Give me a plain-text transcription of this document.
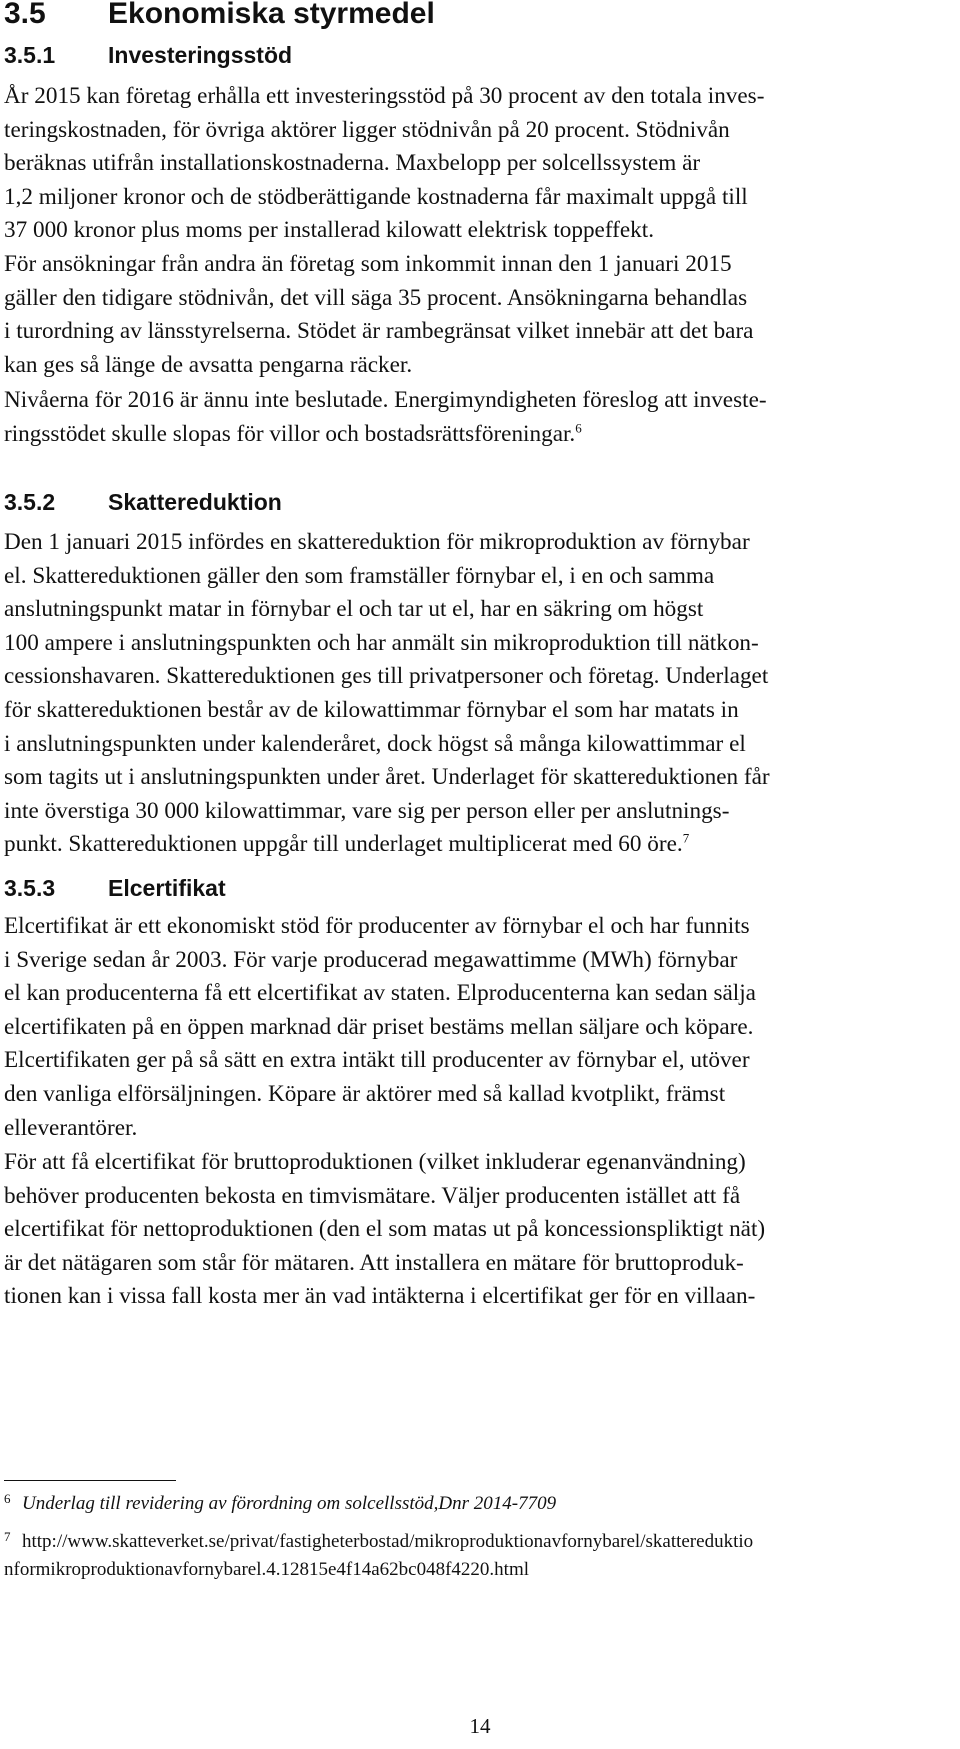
3.5 Ekonomiska styrmedel
3.5.1 Investeringsstöd
År 2015 kan företag erhålla ett investeringsstöd på 30 procent av den totala inves-
teringskostnaden, för övriga aktörer ligger stödnivån på 20 procent. Stödnivån
beräknas utifrån installationskostnaderna. Maxbelopp per solcellssystem är
1,2 miljoner kronor och de stödberättigande kostnaderna får maximalt uppgå till
37 000 kronor plus moms per installerad kilowatt elektrisk toppeffekt.
För ansökningar från andra än företag som inkommit innan den 1 januari 2015
gäller den tidigare stödnivån, det vill säga 35 procent. Ansökningarna behandlas
i turordning av länsstyrelserna. Stödet är rambegränsat vilket innebär att det bara
kan ges så länge de avsatta pengarna räcker.
Nivåerna för 2016 är ännu inte beslutade. Energimyndigheten föreslog att investe-
ringsstödet skulle slopas för villor och bostadsrättsföreningar.$^6$
3.5.2 Skattereduktion
Den 1 januari 2015 infördes en skattereduktion för mikroproduktion av förnybar
el. Skattereduktionen gäller den som framställer förnybar el, i en och samma
anslutningspunkt matar in förnybar el och tar ut el, har en säkring om högst
100 ampere i anslutningspunkten och har anmält sin mikroproduktion till nätkon-
cessionshavaren. Skattereduktionen ges till privatpersoner och företag. Underlaget
för skattereduktionen består av de kilowattimmar förnybar el som har matats in
i anslutningspunkten under kalenderåret, dock högst så många kilowattimmar el
som tagits ut i anslutningspunkten under året. Underlaget för skattereduktionen får
inte överstiga 30 000 kilowattimmar, vare sig per person eller per anslutnings-
punkt. Skattereduktionen uppgår till underlaget multiplicerat med 60 öre.$^7$
3.5.3 Elcertifikat
Elcertifikat är ett ekonomiskt stöd för producenter av förnybar el och har funnits
i Sverige sedan år 2003. För varje producerad megawattimme (MWh) förnybar
el kan producenterna få ett elcertifikat av staten. Elproducenterna kan sedan sälja
elcertifikaten på en öppen marknad där priset bestäms mellan säljare och köpare.
Elcertifikaten ger på så sätt en extra intäkt till producenter av förnybar el, utöver
den vanliga elförsäljningen. Köpare är aktörer med så kallad kvotplikt, främst
elleverantörer.
För att få elcertifikat för bruttoproduktionen (vilket inkluderar egenanvändning)
behöver producenten bekosta en timvismätare. Väljer producenten istället att få
elcertifikat för nettoproduktionen (den el som matas ut på koncessionspliktigt nät)
är det nätägaren som står för mätaren. Att installera en mätare för bruttoproduk-
tionen kan i vissa fall kosta mer än vad intäkterna i elcertifikat ger för en villaan-

6 Underlag till revidering av förordning om solcellsstöd,Dnr 2014-7709

7 http://www.skatteverket.se/privat/fastigheterbostad/mikroproduktionavfornybarel/skattereduktio
nformikroproduktionavfornybarel.4.12815e4f14a62bc048f4220.html

14
